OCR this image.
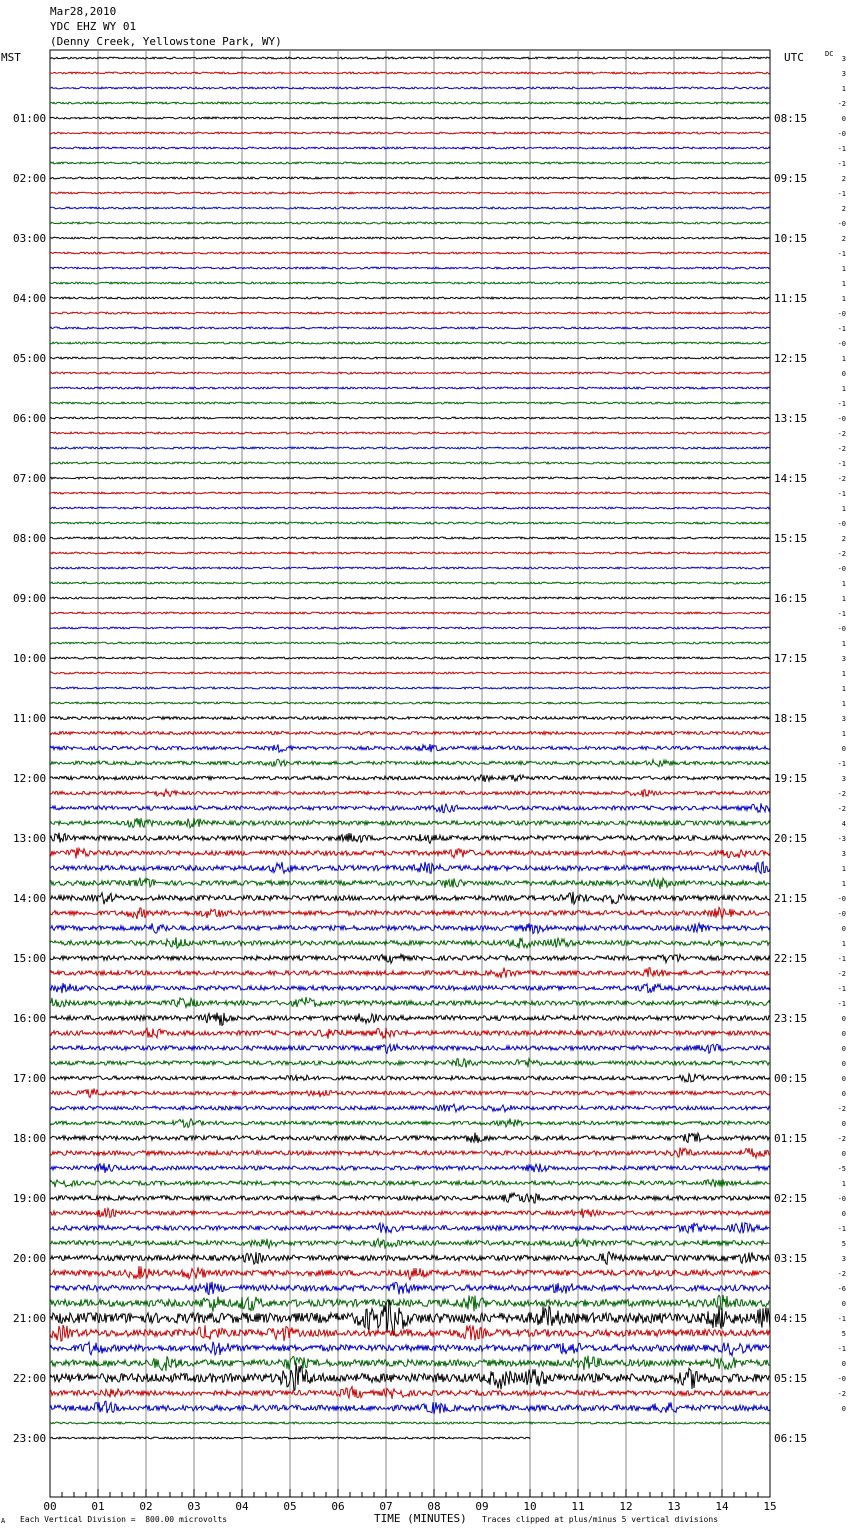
Mar28,2010
YDC EHZ WY 01
(Denny Creek, Yellowstone Park, WY)
MST	UTC	DC
01:00
02:00
03:00
04:00
05:00
06:00
07:00
08:00
09:00
10:00
11:00
12:00
13:00
14:00
15:00
16:00
17:00
18:00
19:00
20:00
21:00
22:00
23:00
08:15
09:15
10:15
11:15
12:15
13:15
14:15
15:15
16:15
17:15
18:15
19:15
20:15
21:15
22:15
23:15
00:15
01:15
02:15
03:15
04:15
05:15
06:15
3
3
1
-2
0
-0
-1
-1
2
-1
2
-0
2
-1
1
1
1
-0
-1
-0
1
0
1
-1
-0
-2
-2
-1
-2
-1
1
-0
2
-2
-0
1
1
-1
-0
1
3
1
1
1
3
1
0
-1
3
-2
-2
4
-3
3
1
1
-0
-0
0
1
-1
-2
-1
-1
0
0
0
0
0
0
-2
0
-2
0
-5
1
-0
0
-1
5
3
-2
-6
0
-1
5
-1
0
-0
-2
0
00	01	02	03	04	05	06	07	08	09	10	11	12	13	14	15
A Each Vertical Division =  800.00 microvolts	TIME (MINUTES) Traces clipped at plus/minus 5 vertical divisions
